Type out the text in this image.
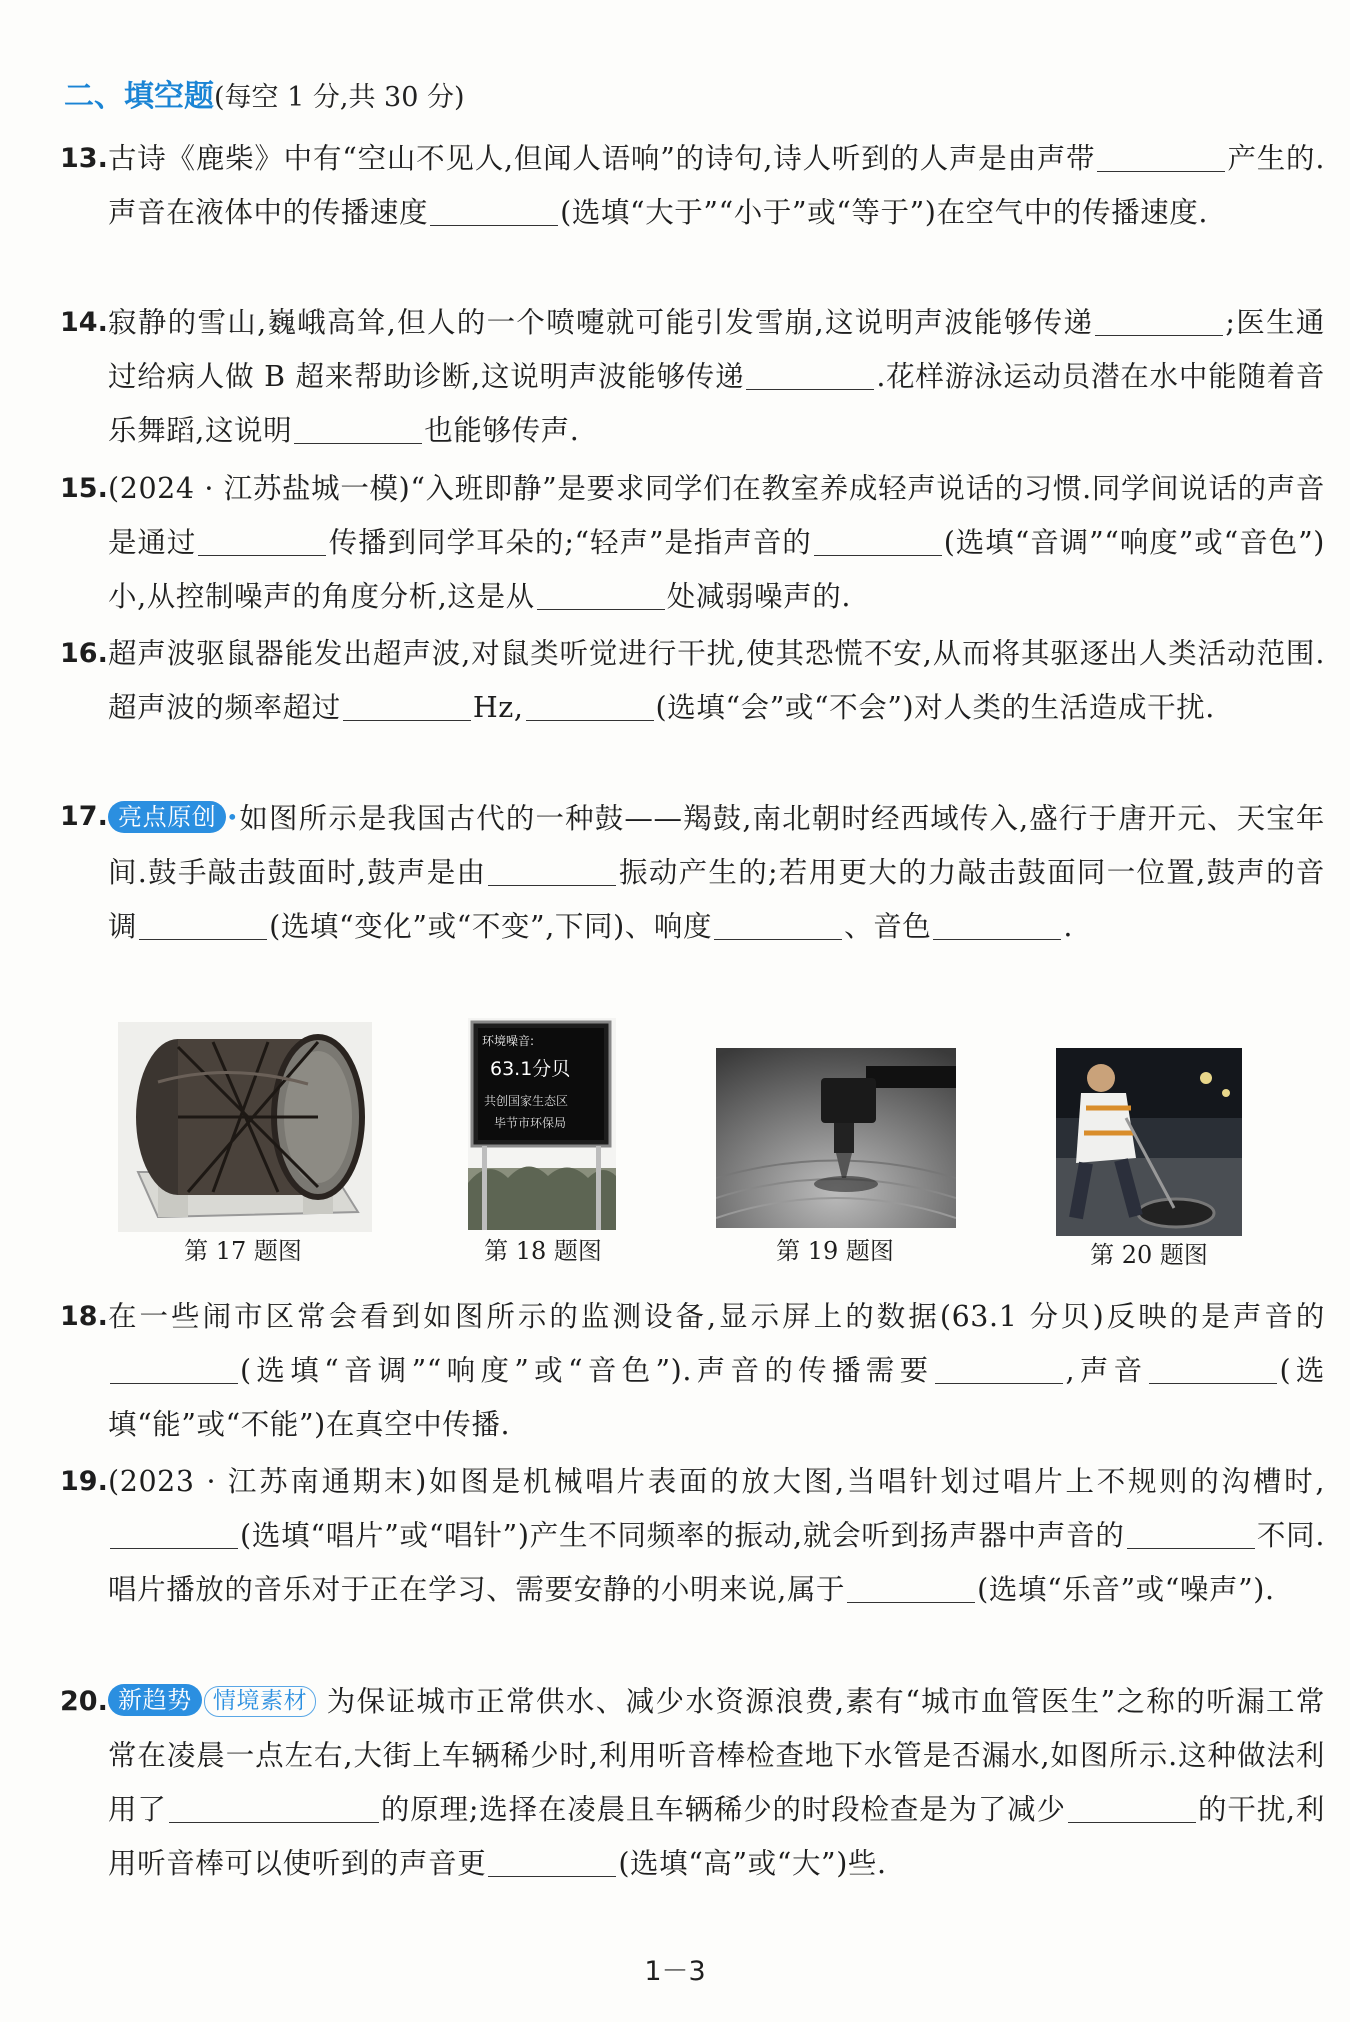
二、填空题(每空 1 分,共 30 分)
13. 古诗《鹿柴》中有“空山不见人,但闻人语响”的诗句,诗人听到的人声是由声带	产生的.声音在液体中的传播速度	(选填“大于”“小于”或“等于”)在空气中的传播速度.
14. 寂静的雪山,巍峨高耸,但人的一个喷嚏就可能引发雪崩,这说明声波能够传递	;医生通过给病人做 B 超来帮助诊断,这说明声波能够传递	.花样游泳运动员潜在水中能随着音乐舞蹈,这说明	也能够传声.
15. (2024 · 江苏盐城一模)“入班即静”是要求同学们在教室养成轻声说话的习惯.同学间说话的声音是通过	传播到同学耳朵的;“轻声”是指声音的	(选填“音调”“响度”或“音色”)小,从控制噪声的角度分析,这是从	处减弱噪声的.
16. 超声波驱鼠器能发出超声波,对鼠类听觉进行干扰,使其恐慌不安,从而将其驱逐出人类活动范围.超声波的频率超过	Hz,	(选填“会”或“不会”)对人类的生活造成干扰.
17. 亮点原创 •如图所示是我国古代的一种鼓——羯鼓,南北朝时经西域传入,盛行于唐开元、天宝年间.鼓手敲击鼓面时,鼓声是由	振动产生的;若用更大的力敲击鼓面同一位置,鼓声的音调	(选填“变化”或“不变”,下同)、响度	、音色	.
第 17 题图
环境噪音:
63.1分贝
共创国家生态区
毕节市环保局
第 18 题图	第 19 题图	第 20 题图
18. 在一些闹市区常会看到如图所示的监测设备,显示屏上的数据(63.1 分贝)反映的是声音的(选填“音调”“响度”或“音色”).声音的传播需要	,声音	(选填“能”或“不能”)在真空中传播.
19. (2023 · 江苏南通期末)如图是机械唱片表面的放大图,当唱针划过唱片上不规则的沟槽时,(选填“唱片”或“唱针”)产生不同频率的振动,就会听到扬声器中声音的	不同.唱片播放的音乐对于正在学习、需要安静的小明来说,属于	(选填“乐音”或“噪声”).
20. 新趋势 情境素材 为保证城市正常供水、减少水资源浪费,素有“城市血管医生”之称的听漏工常常在凌晨一点左右,大街上车辆稀少时,利用听音棒检查地下水管是否漏水,如图所示.这种做法利用了	的原理;选择在凌晨且车辆稀少的时段检查是为了减少	的干扰,利用听音棒可以使听到的声音更	(选填“高”或“大”)些.
1－3
